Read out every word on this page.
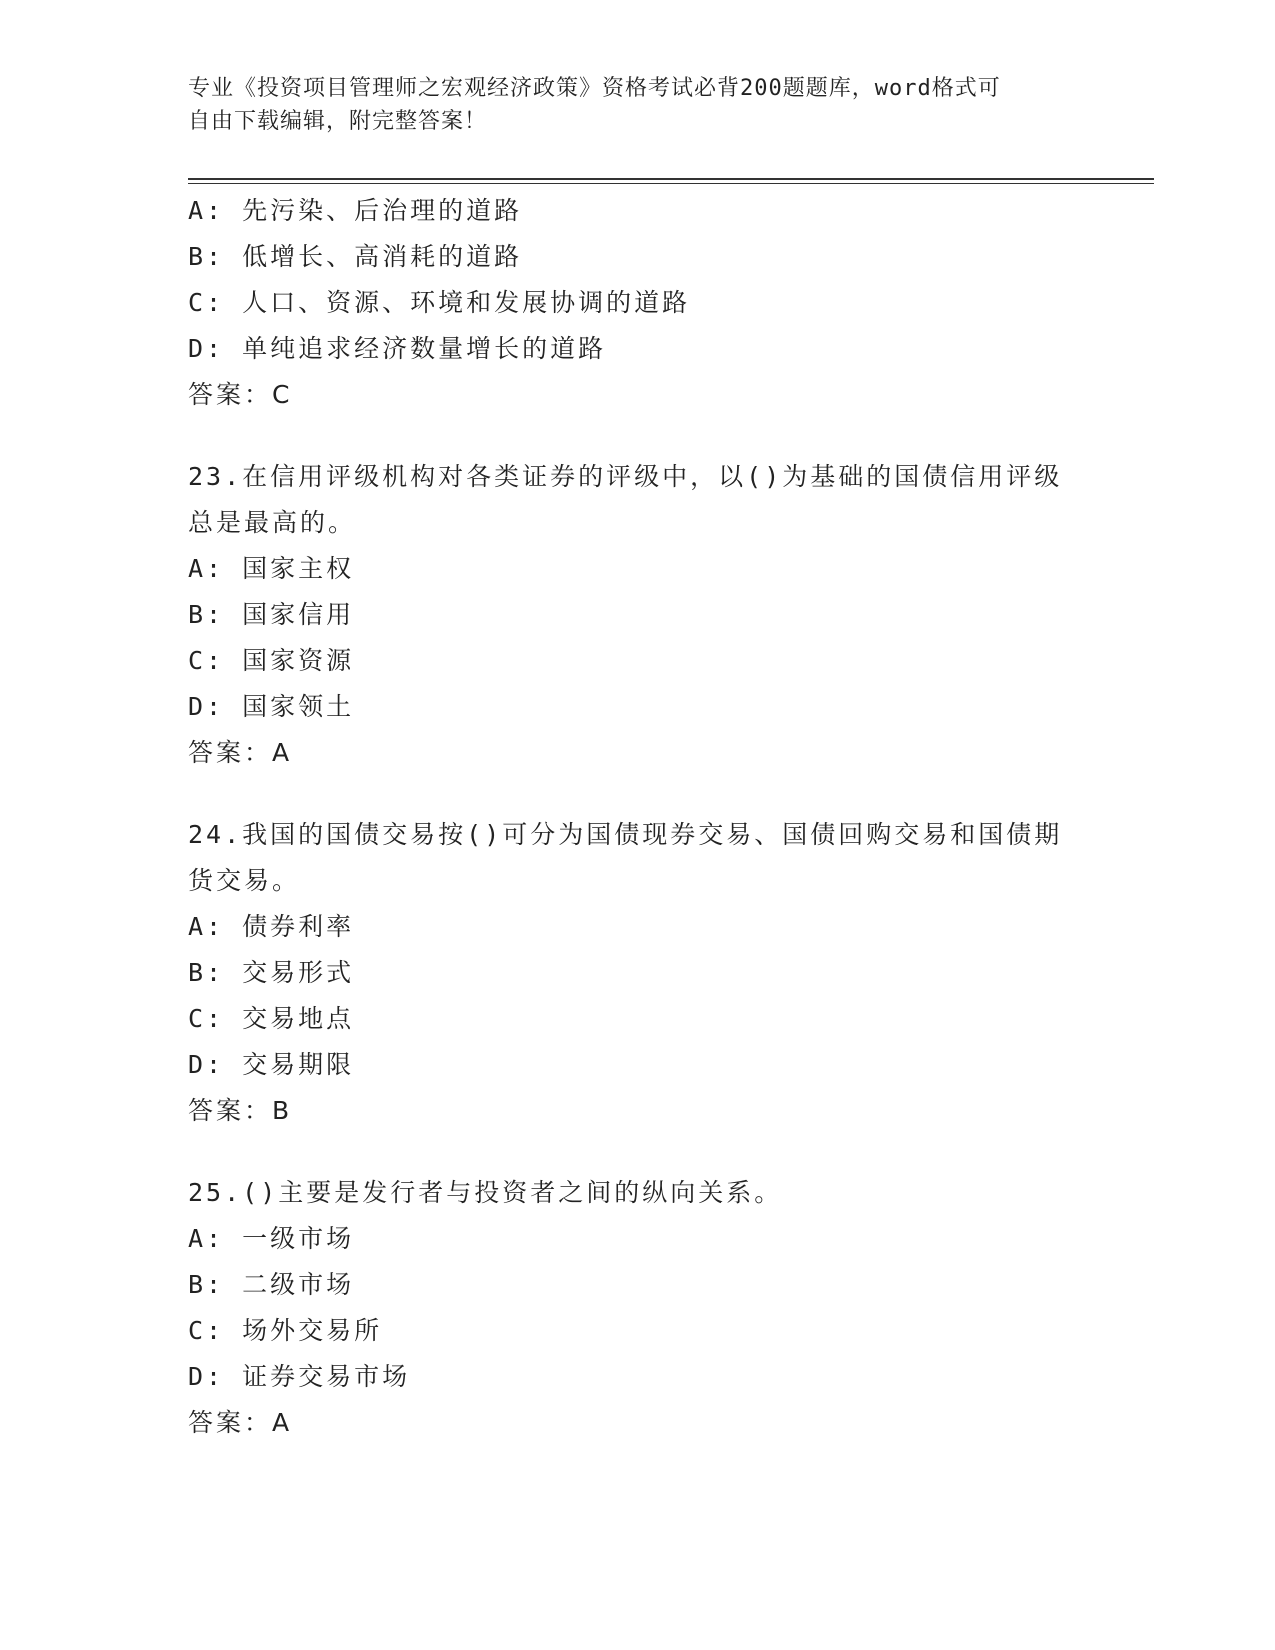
专业《投资项目管理师之宏观经济政策》资格考试必背200题题库，word格式可
自由下载编辑，附完整答案！
A: 先污染、后治理的道路
B: 低增长、高消耗的道路
C: 人口、资源、环境和发展协调的道路
D: 单纯追求经济数量增长的道路
答案：C
23.在信用评级机构对各类证券的评级中，以()为基础的国债信用评级
总是最高的。
A: 国家主权
B: 国家信用
C: 国家资源
D: 国家领土
答案：A
24.我国的国债交易按()可分为国债现券交易、国债回购交易和国债期
货交易。
A: 债券利率
B: 交易形式
C: 交易地点
D: 交易期限
答案：B
25.()主要是发行者与投资者之间的纵向关系。
A: 一级市场
B: 二级市场
C: 场外交易所
D: 证券交易市场
答案：A
